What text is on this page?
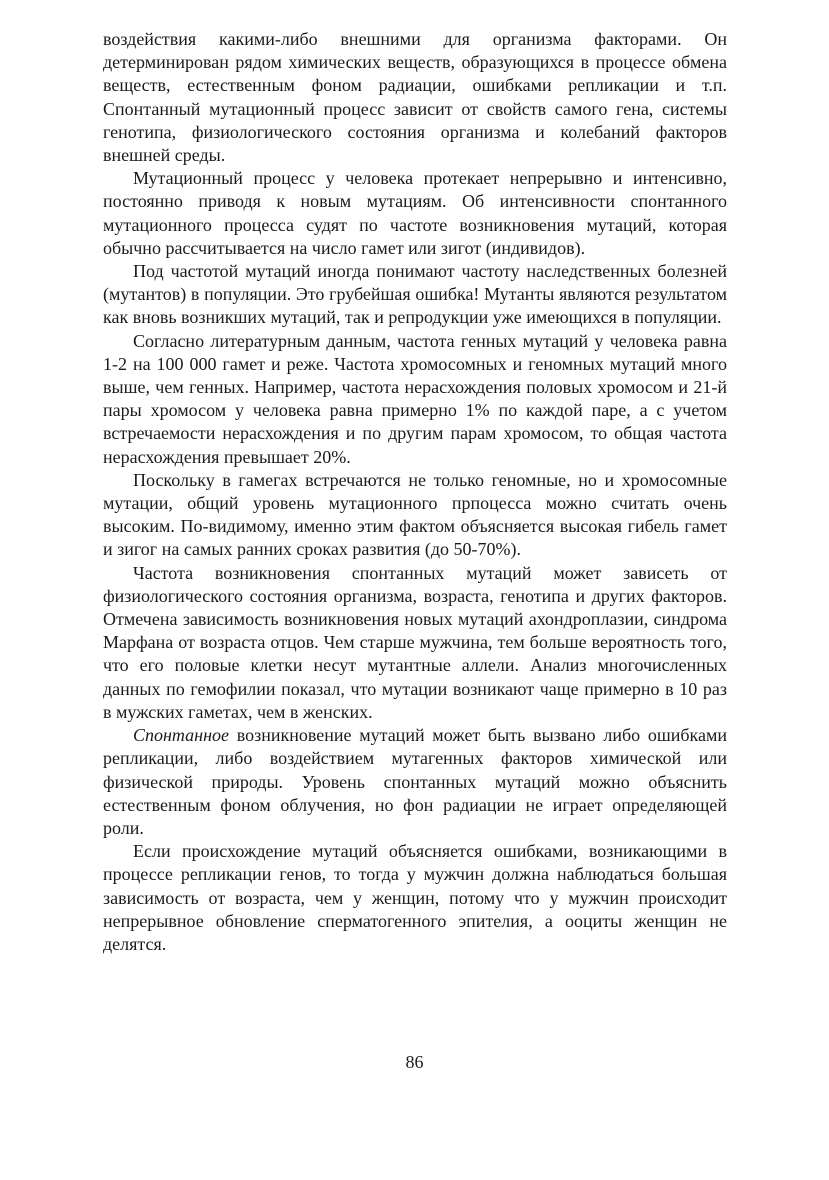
воздействия какими-либо внешними для организма факторами. Он детерминирован рядом химических веществ, образующихся в процессе обмена веществ, естественным фоном радиации, ошибками репликации и т.п. Спонтанный мутационный процесс зависит от свойств самого гена, системы генотипа, физиологического состояния организма и колебаний факторов внешней среды.

Мутационный процесс у человека протекает непрерывно и интенсивно, постоянно приводя к новым мутациям. Об интенсивности спонтанного мутационного процесса судят по частоте возникновения мутаций, которая обычно рассчитывается на число гамет или зигот (индивидов).

Под частотой мутаций иногда понимают частоту наследственных болезней (мутантов) в популяции. Это грубейшая ошибка! Мутанты являются результатом как вновь возникших мутаций, так и репродукции уже имеющихся в популяции.

Согласно литературным данным, частота генных мутаций у человека равна 1-2 на 100 000 гамет и реже. Частота хромосомных и геномных мутаций много выше, чем генных. Например, частота нерасхождения половых хромосом и 21-й пары хромосом у человека равна примерно 1% по каждой паре, а с учетом встречаемости нерасхождения и по другим парам хромосом, то общая частота нерасхождения превышает 20%.

Поскольку в гамегах встречаются не только геномные, но и хромосомные мутации, общий уровень мутационного прпоцесса можно считать очень высоким. По-видимому, именно этим фактом объясняется высокая гибель гамет и зигог на самых ранних сроках развития (до 50-70%).

Частота возникновения спонтанных мутаций может зависеть от физиологического состояния организма, возраста, генотипа и других факторов. Отмечена зависимость возникновения новых мутаций ахондроплазии, синдрома Марфана от возраста отцов. Чем старше мужчина, тем больше вероятность того, что его половые клетки несут мутантные аллели. Анализ многочисленных данных по гемофилии показал, что мутации возникают чаще примерно в 10 раз в мужских гаметах, чем в женских.

Спонтанное возникновение мутаций может быть вызвано либо ошибками репликации, либо воздействием мутагенных факторов химической или физической природы. Уровень спонтанных мутаций можно объяснить естественным фоном облучения, но фон радиации не играет определяющей роли.

Если происхождение мутаций объясняется ошибками, возникающими в процессе репликации генов, то тогда у мужчин должна наблюдаться большая зависимость от возраста, чем у женщин, потому что у мужчин происходит непрерывное обновление сперматогенного эпителия, а ооциты женщин не делятся.

86
